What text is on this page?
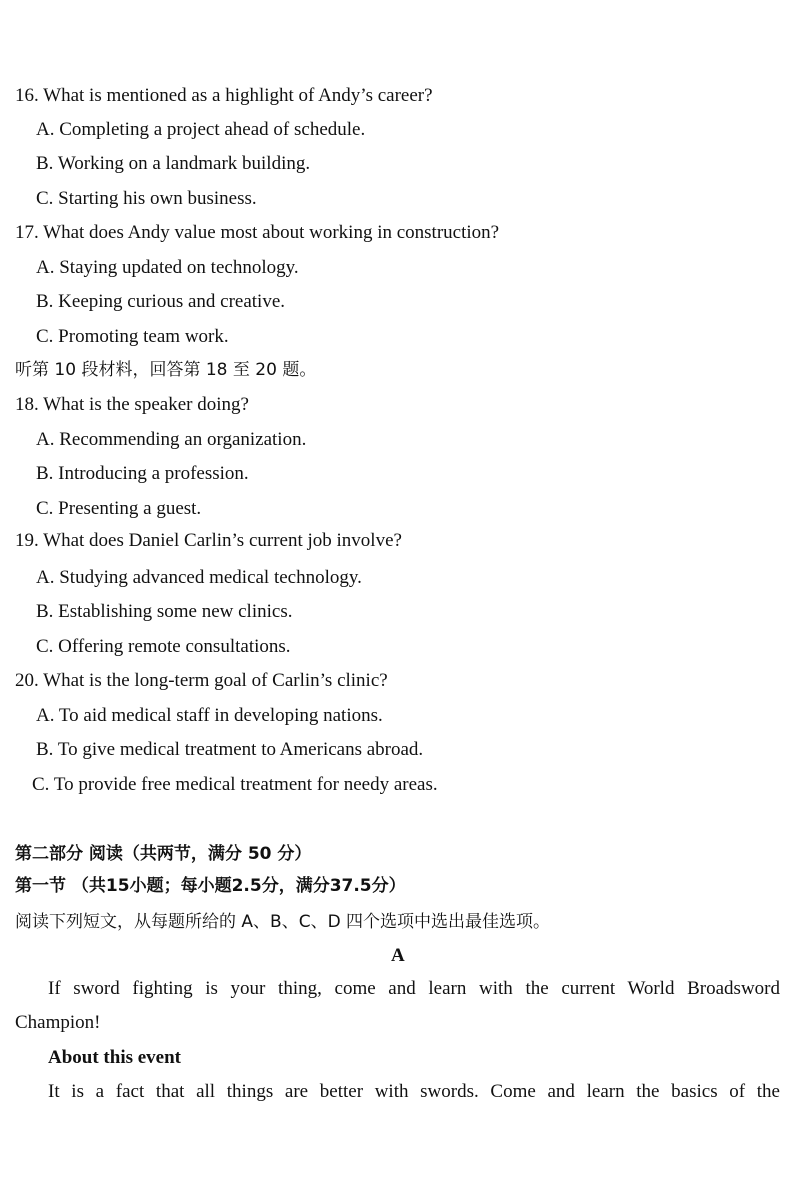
16. What is mentioned as a highlight of Andy’s career?
A. Completing a project ahead of schedule.
B. Working on a landmark building.
C. Starting his own business.
17. What does Andy value most about working in construction?
A. Staying updated on technology.
B. Keeping curious and creative.
C. Promoting team work.
听第 10 段材料，回答第 18 至 20 题。
18. What is the speaker doing?
A. Recommending an organization.
B. Introducing a profession.
C. Presenting a guest.
19. What does Daniel Carlin’s current job involve?
A. Studying advanced medical technology.
B. Establishing some new clinics.
C. Offering remote consultations.
20. What is the long-term goal of Carlin’s clinic?
A. To aid medical staff in developing nations.
B. To give medical treatment to Americans abroad.
C. To provide free medical treatment for needy areas.
第二部分 阅读（共两节，满分 50 分）
第一节 （共15小题；每小题2.5分，满分37.5分）
阅读下列短文，从每题所给的 A、B、C、D 四个选项中选出最佳选项。
A
If sword fighting is your thing, come and learn with the current World Broadsword
Champion!
About this event
It is a fact that all things are better with swords. Come and learn the basics of the
